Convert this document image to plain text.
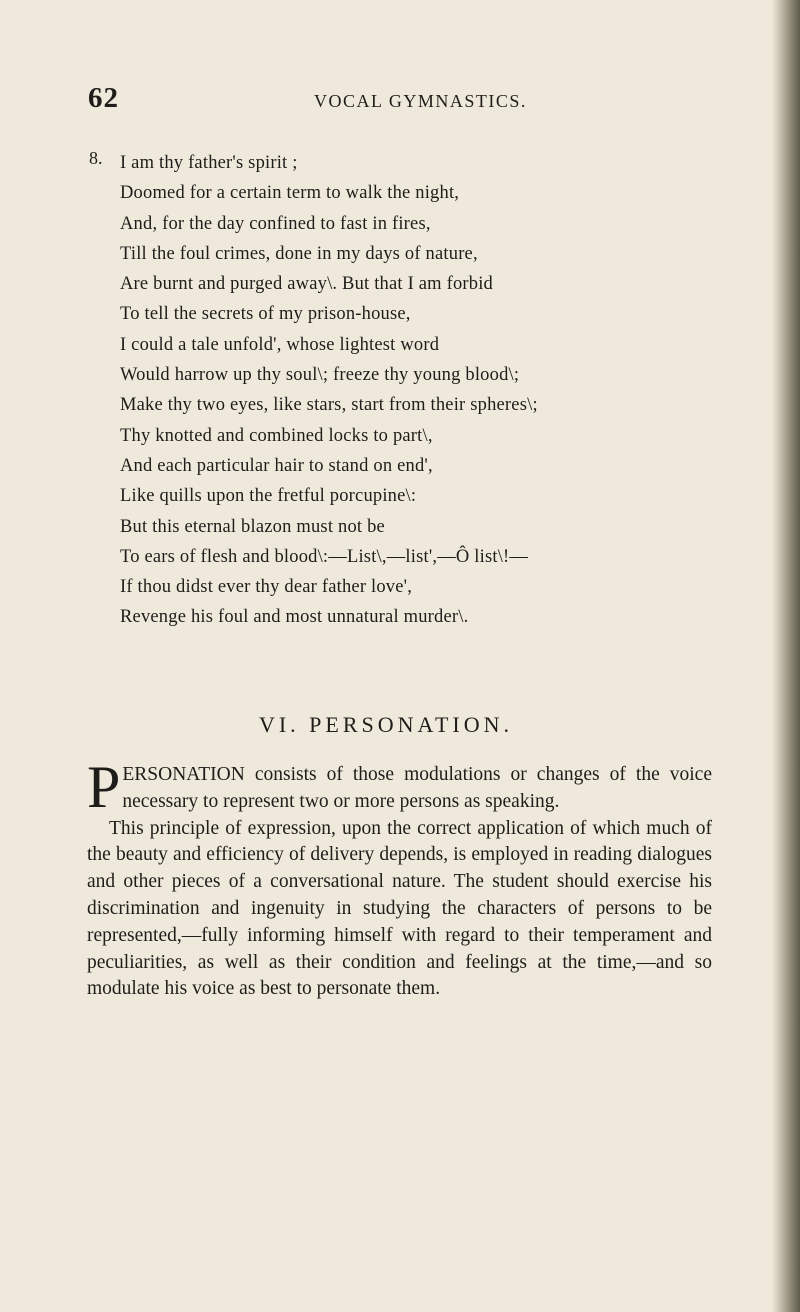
62	VOCAL GYMNASTICS.
8. I am thy father's spirit ;
Doomed for a certain term to walk the night,
And, for the day confined to fast in fires,
Till the foul crimes, done in my days of nature,
Are burnt and purged away\. But that I am forbid
To tell the secrets of my prison-house,
I could a tale unfold', whose lightest word
Would harrow up thy soul\; freeze thy young blood\;
Make thy two eyes, like stars, start from their spheres\;
Thy knotted and combined locks to part\,
And each particular hair to stand on end',
Like quills upon the fretful porcupine\:
But this eternal blazon must not be
To ears of flesh and blood\:—List\,—list',—Ô list\!—
If thou didst ever thy dear father love',
Revenge his foul and most unnatural murder\.
VI. PERSONATION.

PERSONATION consists of those modulations or changes of the voice necessary to represent two or more persons as speaking.

This principle of expression, upon the correct application of which much of the beauty and efficiency of delivery depends, is employed in reading dialogues and other pieces of a conversational nature. The student should exercise his discrimination and ingenuity in studying the characters of persons to be represented,—fully informing himself with regard to their temperament and peculiarities, as well as their condition and feelings at the time,—and so modulate his voice as best to personate them.
